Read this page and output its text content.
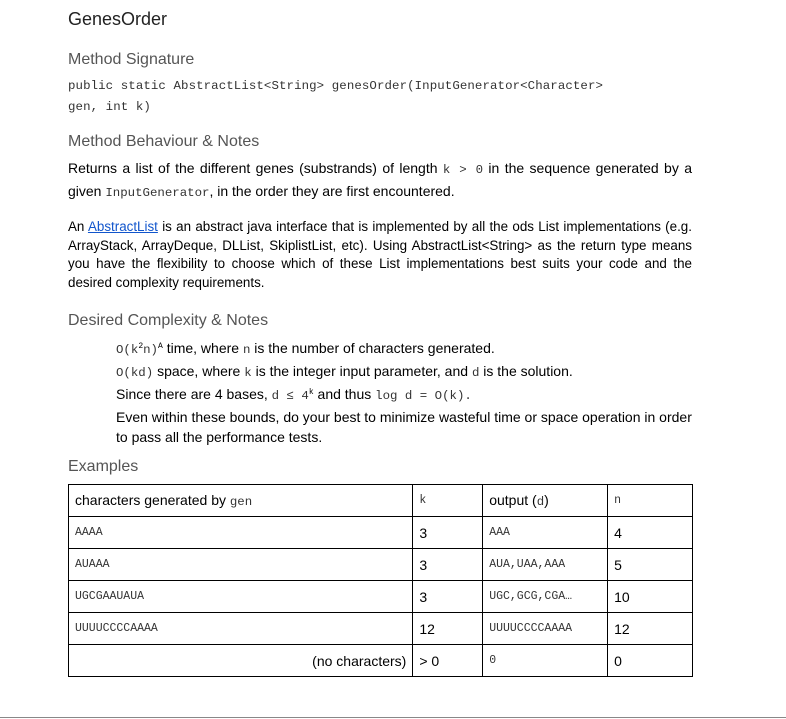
GenesOrder
Method Signature
public static AbstractList<String> genesOrder(InputGenerator<Character>
gen, int k)
Method Behaviour & Notes
Returns a list of the different genes (substrands) of length k > 0 in the sequence generated by a given InputGenerator, in the order they are first encountered.
An AbstractList is an abstract java interface that is implemented by all the ods List implementations (e.g. ArrayStack, ArrayDeque, DLList, SkiplistList, etc). Using AbstractList<String> as the return type means you have the flexibility to choose which of these List implementations best suits your code and the desired complexity requirements.
Desired Complexity & Notes
$O(k^2n)^A$ time, where n is the number of characters generated.
O(kd) space, where k is the integer input parameter, and d is the solution.
Since there are 4 bases, $d \le 4^k$ and thus log d = O(k).
Even within these bounds, do your best to minimize wasteful time or space operation in order to pass all the performance tests.
Examples
characters generated by gen	k	output (d)	n
AAAA	3	AAA	4
AUAAA	3	AUA,UAA,AAA	5
UGCGAAUAUA	3	UGC,GCG,CGA…	10
UUUUCCCCAAAA	12	UUUUCCCCAAAA	12
(no characters)	> 0	0	0
